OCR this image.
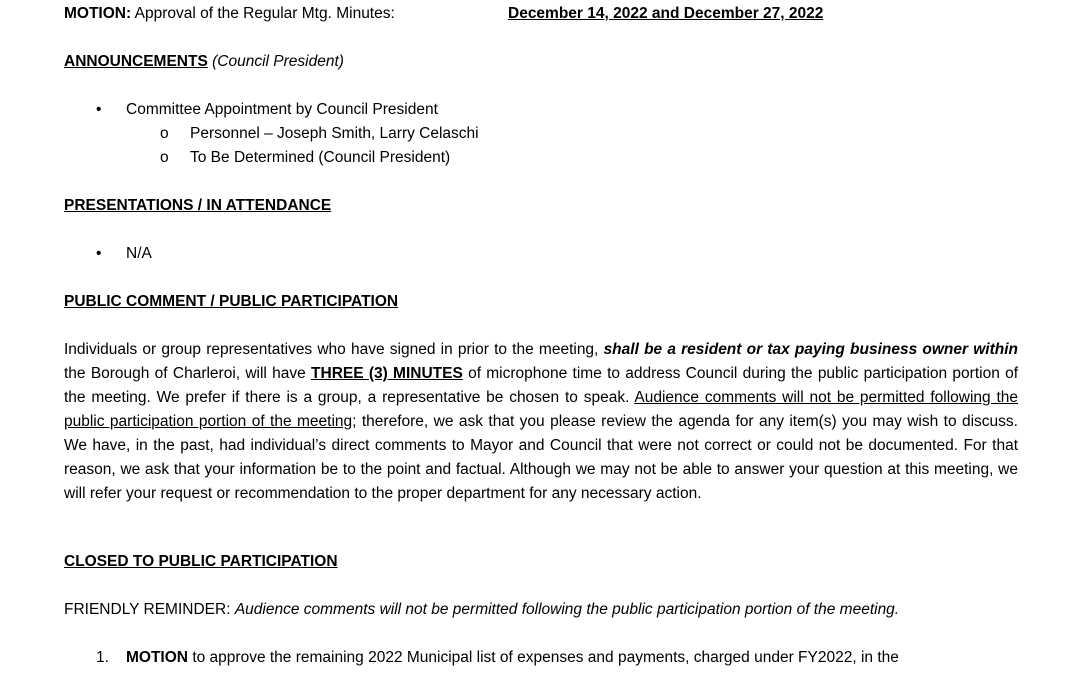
MOTION: Approval of the Regular Mtg. Minutes:	December 14, 2022 and December 27, 2022
ANNOUNCEMENTS (Council President)
• Committee Appointment by Council President
o Personnel – Joseph Smith, Larry Celaschi
o To Be Determined (Council President)
PRESENTATIONS / IN ATTENDANCE
• N/A
PUBLIC COMMENT / PUBLIC PARTICIPATION
Individuals or group representatives who have signed in prior to the meeting, shall be a resident or tax paying business owner within the Borough of Charleroi, will have THREE (3) MINUTES of microphone time to address Council during the public participation portion of the meeting. We prefer if there is a group, a representative be chosen to speak. Audience comments will not be permitted following the public participation portion of the meeting; therefore, we ask that you please review the agenda for any item(s) you may wish to discuss. We have, in the past, had individual’s direct comments to Mayor and Council that were not correct or could not be documented. For that reason, we ask that your information be to the point and factual. Although we may not be able to answer your question at this meeting, we will refer your request or recommendation to the proper department for any necessary action.
CLOSED TO PUBLIC PARTICIPATION
FRIENDLY REMINDER: Audience comments will not be permitted following the public participation portion of the meeting.
1. MOTION to approve the remaining 2022 Municipal list of expenses and payments, charged under FY2022, in the
